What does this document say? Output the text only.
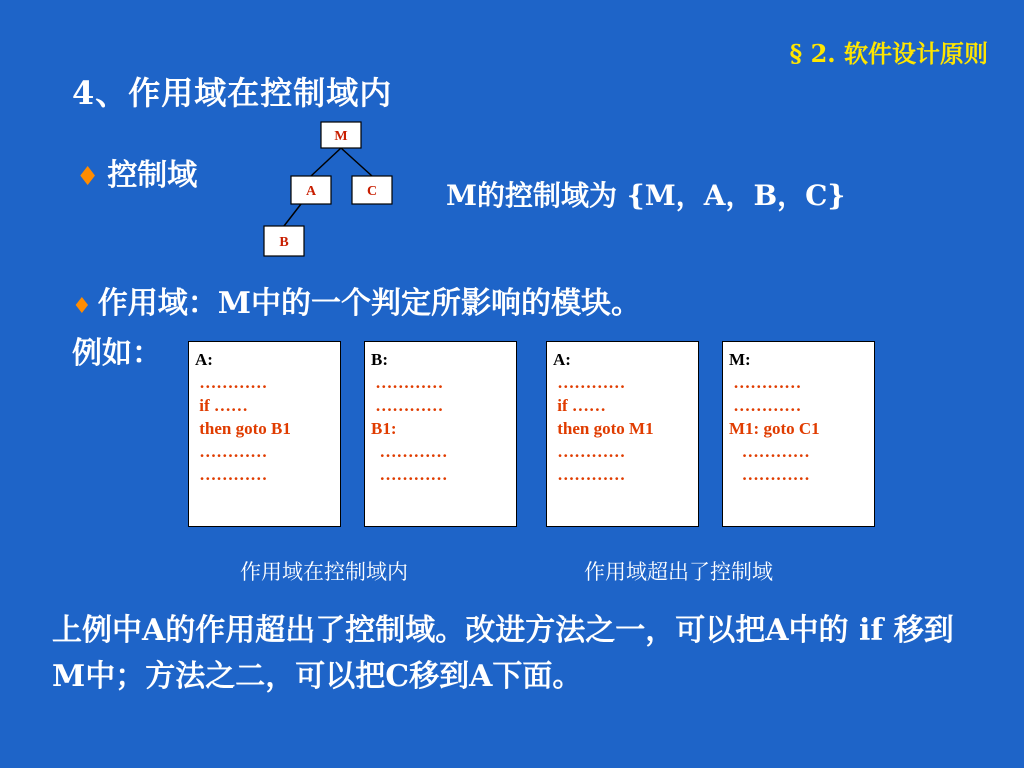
§ 2. 软件设计原则
4、作用域在控制域内
♦ 控制域
M
A	C
B
M的控制域为 {M，A，B，C}
♦ 作用域：M中的一个判定所影响的模块。
例如： A:
…………
if ……
then goto B1
…………
…………
B:
…………
…………
B1:
…………
…………
A:
…………
if ……
then goto M1
…………
…………
M:
…………
…………
M1: goto C1
…………
…………
作用域在控制域内	作用域超出了控制域
上例中A的作用超出了控制域。改进方法之一，可以把A中的 if 移到M中；方法之二，可以把C移到A下面。
